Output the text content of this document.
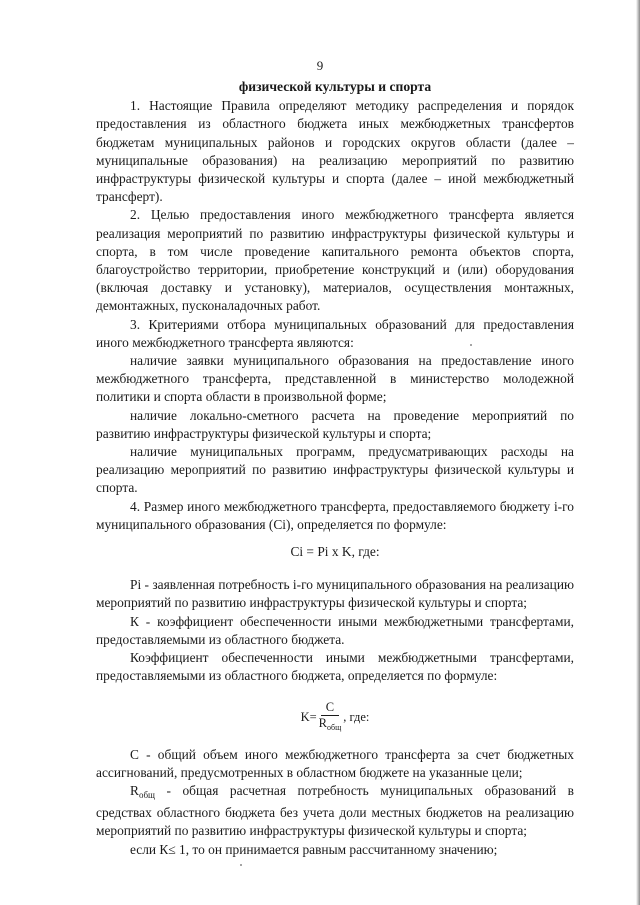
9
физической культуры и спорта

1. Настоящие Правила определяют методику распределения и порядок предоставления из областного бюджета иных межбюджетных трансфертов бюджетам муниципальных районов и городских округов области (далее – муниципальные образования) на реализацию мероприятий по развитию инфраструктуры физической культуры и спорта (далее – иной межбюджетный трансферт).

2. Целью предоставления иного межбюджетного трансферта является реализация мероприятий по развитию инфраструктуры физической культуры и спорта, в том числе проведение капитального ремонта объектов спорта, благоустройство территории, приобретение конструкций и (или) оборудования (включая доставку и установку), материалов, осуществления монтажных, демонтажных, пусконаладочных работ.

3. Критериями отбора муниципальных образований для предоставления иного межбюджетного трансферта являются:

наличие заявки муниципального образования на предоставление иного межбюджетного трансферта, представленной в министерство молодежной политики и спорта области в произвольной форме;

наличие локально-сметного расчета на проведение мероприятий по развитию инфраструктуры физической культуры и спорта;

наличие муниципальных программ, предусматривающих расходы на реализацию мероприятий по развитию инфраструктуры физической культуры и спорта.

4. Размер иного межбюджетного трансферта, предоставляемого бюджету i-го муниципального образования (Ci), определяется по формуле:

Ci = Pi х K, где:

Pi - заявленная потребность i-го муниципального образования на реализацию мероприятий по развитию инфраструктуры физической культуры и спорта;

К - коэффициент обеспеченности иными межбюджетными трансфертами, предоставляемыми из областного бюджета.

Коэффициент обеспеченности иными межбюджетными трансфертами, предоставляемыми из областного бюджета, определяется по формуле:

$K= \frac{C}{R_{общ}}$ , где:

С - общий объем иного межбюджетного трансферта за счет бюджетных ассигнований, предусмотренных в областном бюджете на указанные цели;

$R_{общ}$ - общая расчетная потребность муниципальных образований в средствах областного бюджета без учета доли местных бюджетов на реализацию мероприятий по развитию инфраструктуры физической культуры и спорта;

если К≤ 1, то он принимается равным рассчитанному значению;
